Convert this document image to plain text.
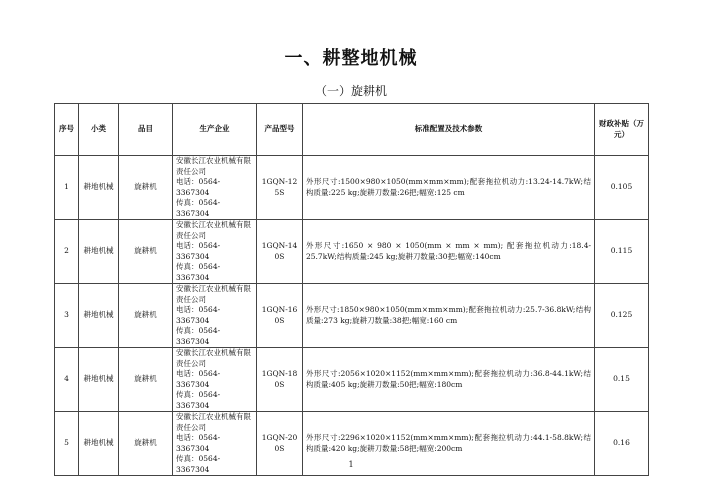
一、耕整地机械
（一）旋耕机
序号	小类	品目	生产企业	产品型号	标准配置及技术参数	财政补贴（万元）
1	耕地机械	旋耕机	安徽长江农业机械有限责任公司
电话：0564-3367304
传真：0564-3367304	1GQN-125S	外形尺寸:1500×980×1050(mm×mm×mm);配套拖拉机动力:13.24-14.7kW;结构质量:225 kg;旋耕刀数量:26把;幅宽:125 cm	0.105
2	耕地机械	旋耕机	安徽长江农业机械有限责任公司
电话：0564-3367304
传真：0564-3367304	1GQN-140S	外形尺寸:1650 × 980 × 1050(mm × mm × mm); 配套拖拉机动力:18.4-25.7kW;结构质量:245 kg;旋耕刀数量:30把;幅宽:140cm	0.115
3	耕地机械	旋耕机	安徽长江农业机械有限责任公司
电话：0564-3367304
传真：0564-3367304	1GQN-160S	外形尺寸:1850×980×1050(mm×mm×mm);配套拖拉机动力:25.7-36.8kW;结构质量:273 kg;旋耕刀数量:38把;幅宽:160 cm	0.125
4	耕地机械	旋耕机	安徽长江农业机械有限责任公司
电话：0564-3367304
传真：0564-3367304	1GQN-180S	外形尺寸:2056×1020×1152(mm×mm×mm);配套拖拉机动力:36.8-44.1kW;结构质量:405 kg;旋耕刀数量:50把;幅宽:180cm	0.15
5	耕地机械	旋耕机	安徽长江农业机械有限责任公司
电话：0564-3367304
传真：0564-3367304	1GQN-200S	外形尺寸:2296×1020×1152(mm×mm×mm);配套拖拉机动力:44.1-58.8kW;结构质量:420 kg;旋耕刀数量:58把;幅宽:200cm	0.16
1
